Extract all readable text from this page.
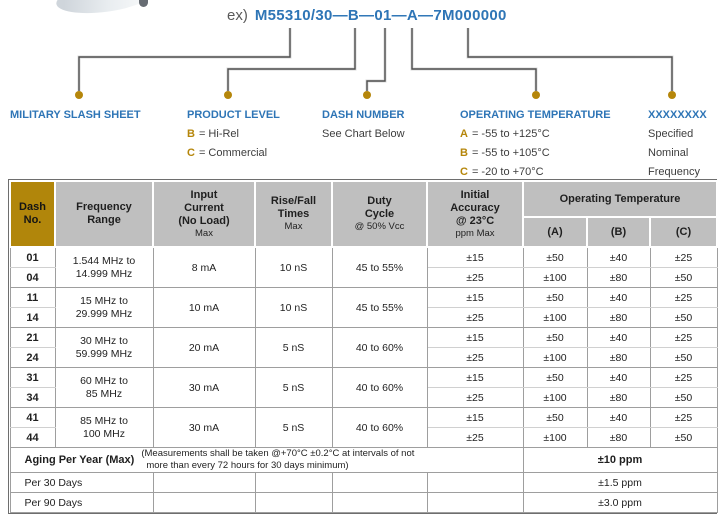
ex) M55310/30—B—01—A—7M000000
MILITARY SLASH SHEET	PRODUCT LEVEL
B = Hi-Rel
C = Commercial
DASH NUMBER
See Chart Below
OPERATING TEMPERATURE
A = -55 to +125°C
B = -55 to +105°C
C = -20 to +70°C
XXXXXXXX
Specified
Nominal
Frequency
Dash
No.	Frequency
Range	Input
Current
(No Load)
Max	Rise/Fall
Times
Max	Duty
Cycle
@ 50% Vcc	Initial
Accuracy
@ 23°C
ppm Max	Operating Temperature		
						(A)	(B)	(C)
01	1.544 MHz to
14.999 MHz	8 mA	10 nS	45 to 55%	±15	±50	±40	±25
04					±25	±100	±80	±50
11	15 MHz to
29.999 MHz	10 mA	10 nS	45 to 55%	±15	±50	±40	±25
14					±25	±100	±80	±50
21	30 MHz to
59.999 MHz	20 mA	5 nS	40 to 60%	±15	±50	±40	±25
24					±25	±100	±80	±50
31	60 MHz to
85 MHz	30 mA	5 nS	40 to 60%	±15	±50	±40	±25
34					±25	±100	±80	±50
41	85 MHz to
100 MHz	30 mA	5 nS	40 to 60%	±15	±50	±40	±25
44					±25	±100	±80	±50

Aging Per Year (Max)
(Measurements shall be taken @+70°C ±0.2°C at intervals of not
more than every 72 hours for 30 days minimum)						±10 ppm		
Per 30 Days						±1.5 ppm		
Per 90 Days						±3.0 ppm		
